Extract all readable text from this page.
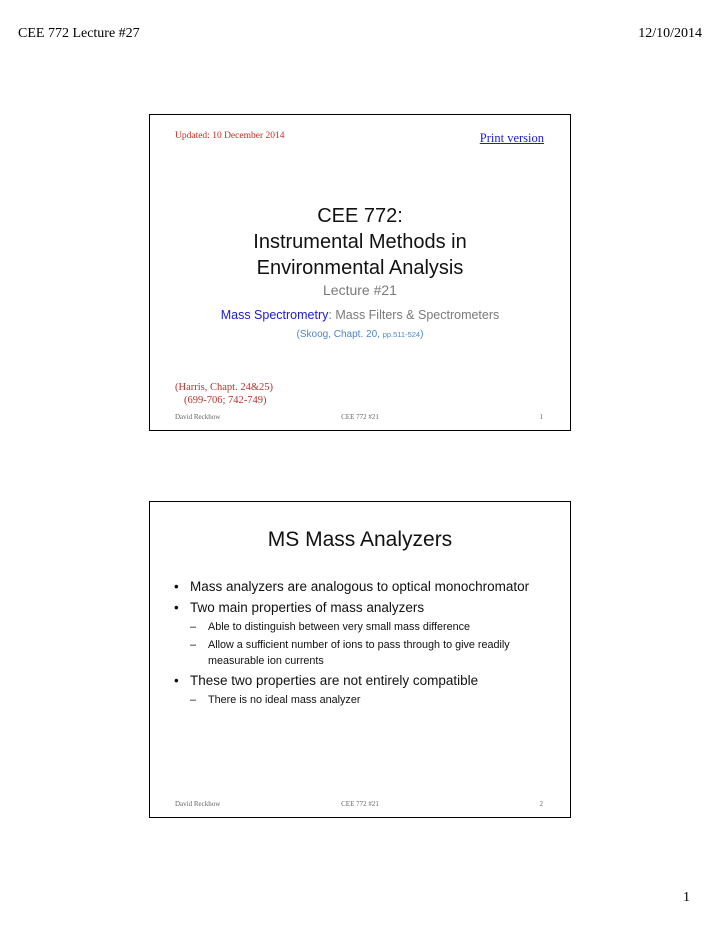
CEE 772 Lecture #27	12/10/2014
Updated: 10 December 2014	Print version
CEE 772:
Instrumental Methods in
Environmental Analysis
Lecture #21
Mass Spectrometry: Mass Filters & Spectrometers
(Skoog, Chapt. 20, pp.511-524)
(Harris, Chapt. 24&25)
(699-706; 742-749)
David Reckhow	CEE 772 #21	1
MS Mass Analyzers
• Mass analyzers are analogous to optical monochromator
• Two main properties of mass analyzers
– Able to distinguish between very small mass difference
– Allow a sufficient number of ions to pass through to give readily measurable ion currents
• These two properties are not entirely compatible
– There is no ideal mass analyzer
David Reckhow	CEE 772 #21	2
1
